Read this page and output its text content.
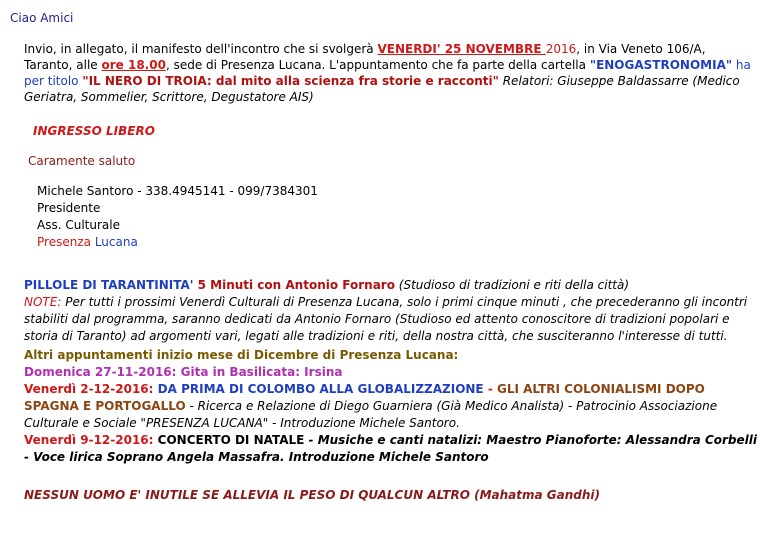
Ciao Amici

Invio, in allegato, il manifesto dell'incontro che si svolgerà VENERDI' 25 NOVEMBRE 2016, in Via Veneto 106/A, Taranto, alle ore 18.00, sede di Presenza Lucana. L'appuntamento che fa parte della cartella "ENOGASTRONOMIA" ha per titolo "IL NERO DI TROIA: dal mito alla scienza fra storie e racconti" Relatori: Giuseppe Baldassarre (Medico Geriatra, Sommelier, Scrittore, Degustatore AIS)

INGRESSO LIBERO
Caramente saluto
Michele Santoro - 338.4945141 - 099/7384301
Presidente
Ass. Culturale
Presenza Lucana

PILLOLE DI TARANTINITA' 5 Minuti con Antonio Fornaro (Studioso di tradizioni e riti della città)
NOTE: Per tutti i prossimi Venerdì Culturali di Presenza Lucana, solo i primi cinque minuti , che precederanno gli incontri stabiliti dal programma, saranno dedicati da Antonio Fornaro (Studioso ed attento conoscitore di tradizioni popolari e storia di Taranto) ad argomenti vari, legati alle tradizioni e riti, della nostra città, che susciteranno l'interesse di tutti.

Altri appuntamenti inizio mese di Dicembre di Presenza Lucana:
Domenica 27-11-2016: Gita in Basilicata: Irsina
Venerdì 2-12-2016: DA PRIMA DI COLOMBO ALLA GLOBALIZZAZIONE - GLI ALTRI COLONIALISMI DOPO SPAGNA E PORTOGALLO - Ricerca e Relazione di Diego Guarniera (Già Medico Analista) - Patrocinio Associazione Culturale e Sociale "PRESENZA LUCANA" - Introduzione Michele Santoro.
Venerdì 9-12-2016: CONCERTO DI NATALE - Musiche e canti natalizi: Maestro Pianoforte: Alessandra Corbelli - Voce lirica Soprano Angela Massafra. Introduzione Michele Santoro

NESSUN UOMO E' INUTILE SE ALLEVIA IL PESO DI QUALCUN ALTRO (Mahatma Gandhi)
